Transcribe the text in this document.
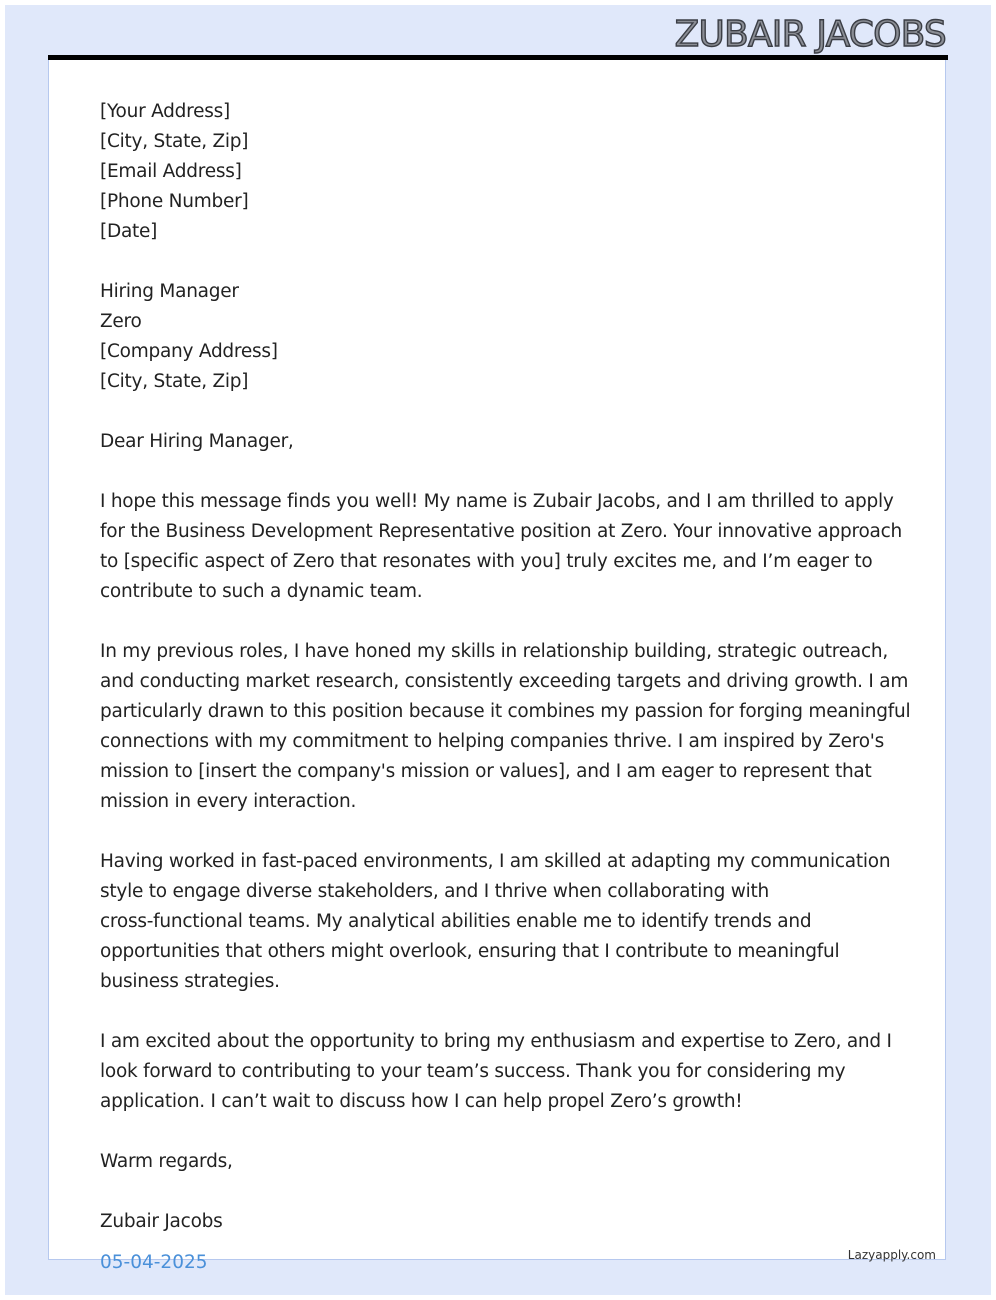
ZUBAIR JACOBS
[Your Address]
[City, State, Zip]
[Email Address]
[Phone Number]
[Date]
Hiring Manager
Zero
[Company Address]
[City, State, Zip]
Dear Hiring Manager,
I hope this message finds you well! My name is Zubair Jacobs, and I am thrilled to apply
for the Business Development Representative position at Zero. Your innovative approach
to [specific aspect of Zero that resonates with you] truly excites me, and I’m eager to
contribute to such a dynamic team.
In my previous roles, I have honed my skills in relationship building, strategic outreach,
and conducting market research, consistently exceeding targets and driving growth. I am
particularly drawn to this position because it combines my passion for forging meaningful
connections with my commitment to helping companies thrive. I am inspired by Zero's
mission to [insert the company's mission or values], and I am eager to represent that
mission in every interaction.
Having worked in fast-paced environments, I am skilled at adapting my communication
style to engage diverse stakeholders, and I thrive when collaborating with
cross-functional teams. My analytical abilities enable me to identify trends and
opportunities that others might overlook, ensuring that I contribute to meaningful
business strategies.
I am excited about the opportunity to bring my enthusiasm and expertise to Zero, and I
look forward to contributing to your team’s success. Thank you for considering my
application. I can’t wait to discuss how I can help propel Zero’s growth!
Warm regards,
Zubair Jacobs
05-04-2025	Lazyapply.com
